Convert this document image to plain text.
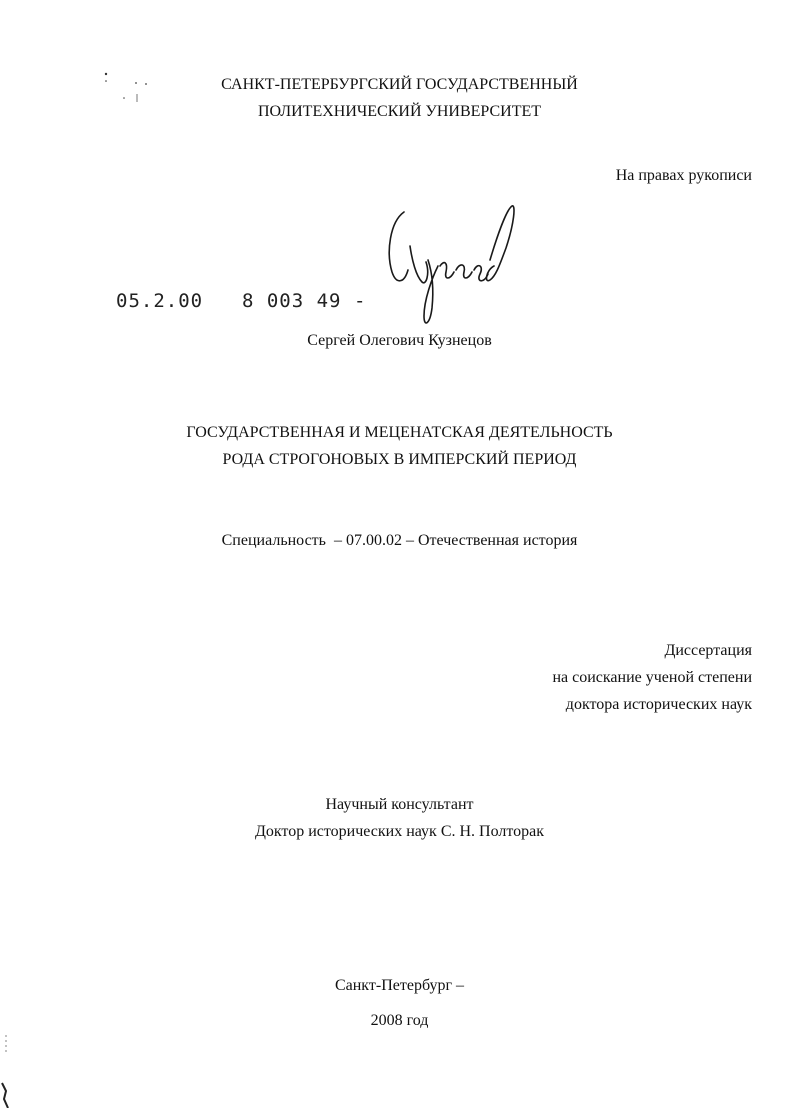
САНКТ-ПЕТЕРБУРГСКИЙ ГОСУДАРСТВЕННЫЙ
ПОЛИТЕХНИЧЕСКИЙ УНИВЕРСИТЕТ
На правах рукописи
05.2.00 8 003 49 -
Сергей Олегович Кузнецов
ГОСУДАРСТВЕННАЯ И МЕЦЕНАТСКАЯ ДЕЯТЕЛЬНОСТЬ
РОДА СТРОГОНОВЫХ В ИМПЕРСКИЙ ПЕРИОД
Специальность  – 07.00.02 – Отечественная история
Диссертация
на соискание ученой степени
доктора исторических наук
Научный консультант
Доктор исторических наук С. Н. Полторак
Санкт-Петербург –
2008 год
